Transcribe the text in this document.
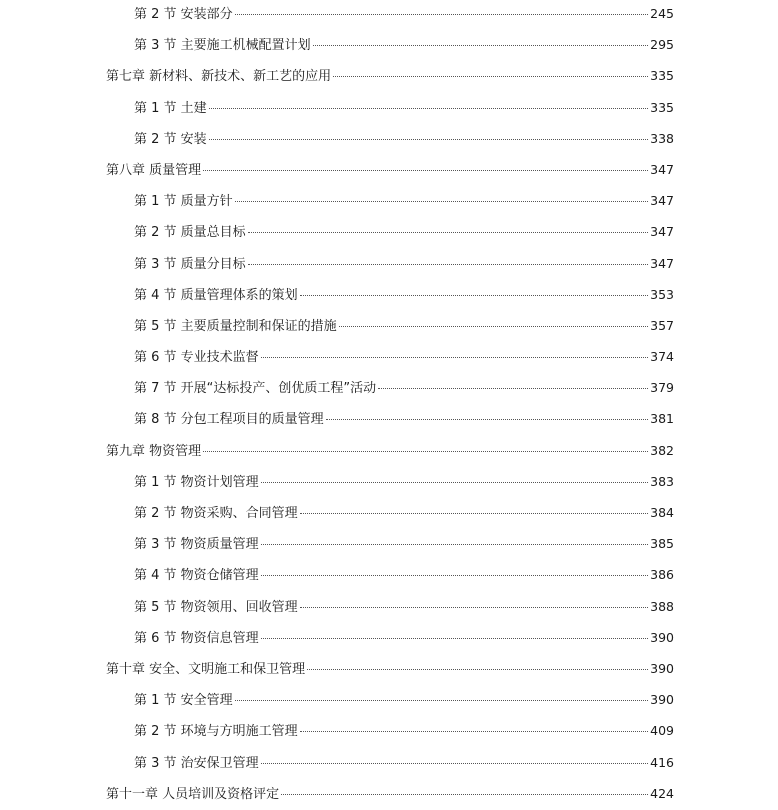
第 2 节 安装部分	245
第 3 节 主要施工机械配置计划	295
第七章 新材料、新技术、新工艺的应用	335
第 1 节 土建	335
第 2 节 安装	338
第八章 质量管理	347
第 1 节 质量方针	347
第 2 节 质量总目标	347
第 3 节 质量分目标	347
第 4 节 质量管理体系的策划	353
第 5 节 主要质量控制和保证的措施	357
第 6 节 专业技术监督	374
第 7 节 开展“达标投产、创优质工程”活动	379
第 8 节 分包工程项目的质量管理	381
第九章 物资管理	382
第 1 节 物资计划管理	383
第 2 节 物资采购、合同管理	384
第 3 节 物资质量管理	385
第 4 节 物资仓储管理	386
第 5 节 物资领用、回收管理	388
第 6 节 物资信息管理	390
第十章 安全、文明施工和保卫管理	390
第 1 节 安全管理	390
第 2 节 环境与方明施工管理	409
第 3 节 治安保卫管理	416
第十一章 人员培训及资格评定	424
